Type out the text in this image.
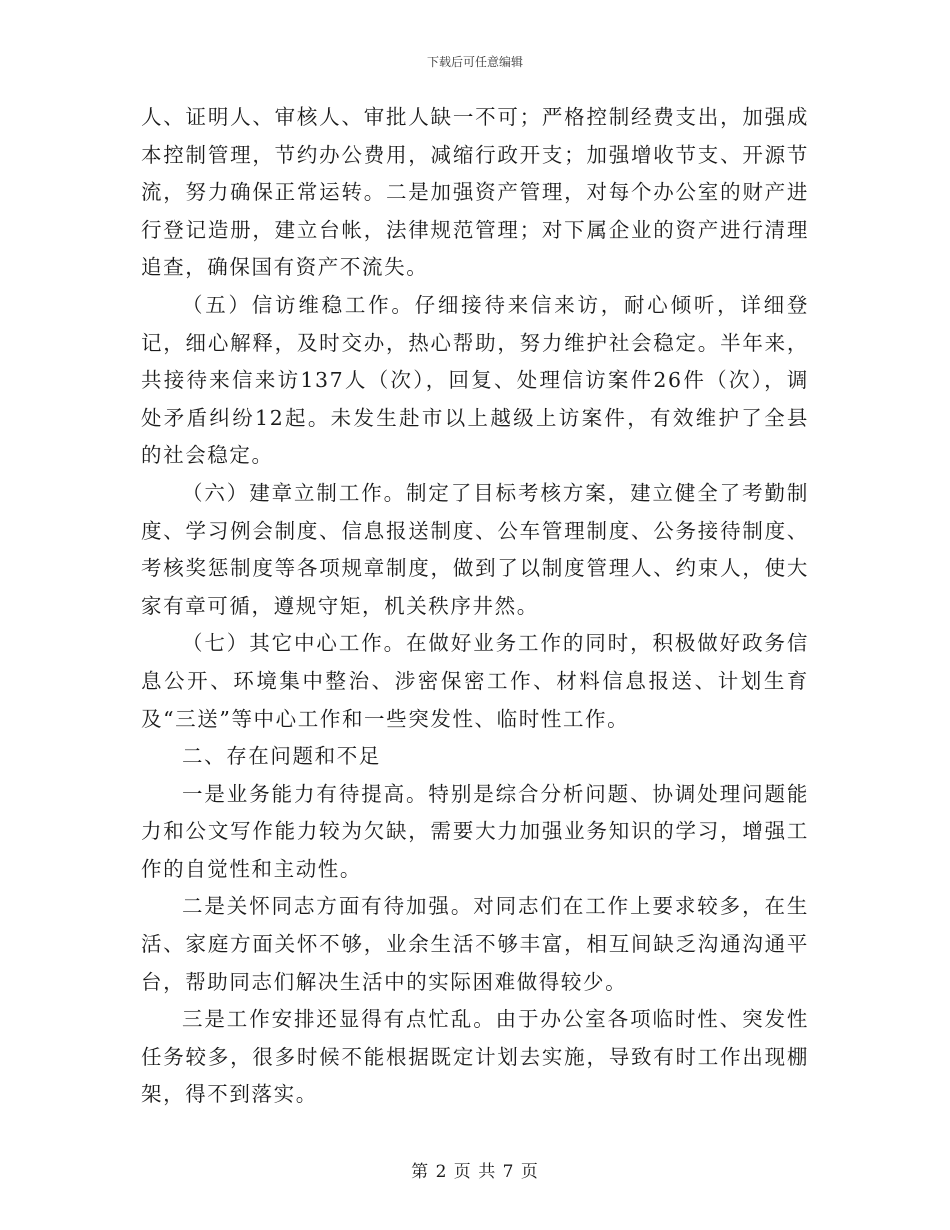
下载后可任意编辑

人、证明人、审核人、审批人缺一不可；严格控制经费支出，加强成本控制管理，节约办公费用，减缩行政开支；加强增收节支、开源节流，努力确保正常运转。二是加强资产管理，对每个办公室的财产进行登记造册，建立台帐，法律规范管理；对下属企业的资产进行清理追查，确保国有资产不流失。

（五）信访维稳工作。仔细接待来信来访，耐心倾听，详细登记，细心解释，及时交办，热心帮助，努力维护社会稳定。半年来，共接待来信来访137人（次），回复、处理信访案件26件（次），调处矛盾纠纷12起。未发生赴市以上越级上访案件，有效维护了全县的社会稳定。

（六）建章立制工作。制定了目标考核方案，建立健全了考勤制度、学习例会制度、信息报送制度、公车管理制度、公务接待制度、考核奖惩制度等各项规章制度，做到了以制度管理人、约束人，使大家有章可循，遵规守矩，机关秩序井然。

（七）其它中心工作。在做好业务工作的同时，积极做好政务信息公开、环境集中整治、涉密保密工作、材料信息报送、计划生育及“三送”等中心工作和一些突发性、临时性工作。

二、存在问题和不足

一是业务能力有待提高。特别是综合分析问题、协调处理问题能力和公文写作能力较为欠缺，需要大力加强业务知识的学习，增强工作的自觉性和主动性。

二是关怀同志方面有待加强。对同志们在工作上要求较多，在生活、家庭方面关怀不够，业余生活不够丰富，相互间缺乏沟通沟通平台，帮助同志们解决生活中的实际困难做得较少。

三是工作安排还显得有点忙乱。由于办公室各项临时性、突发性任务较多，很多时候不能根据既定计划去实施，导致有时工作出现棚架，得不到落实。

第 2 页 共 7 页
